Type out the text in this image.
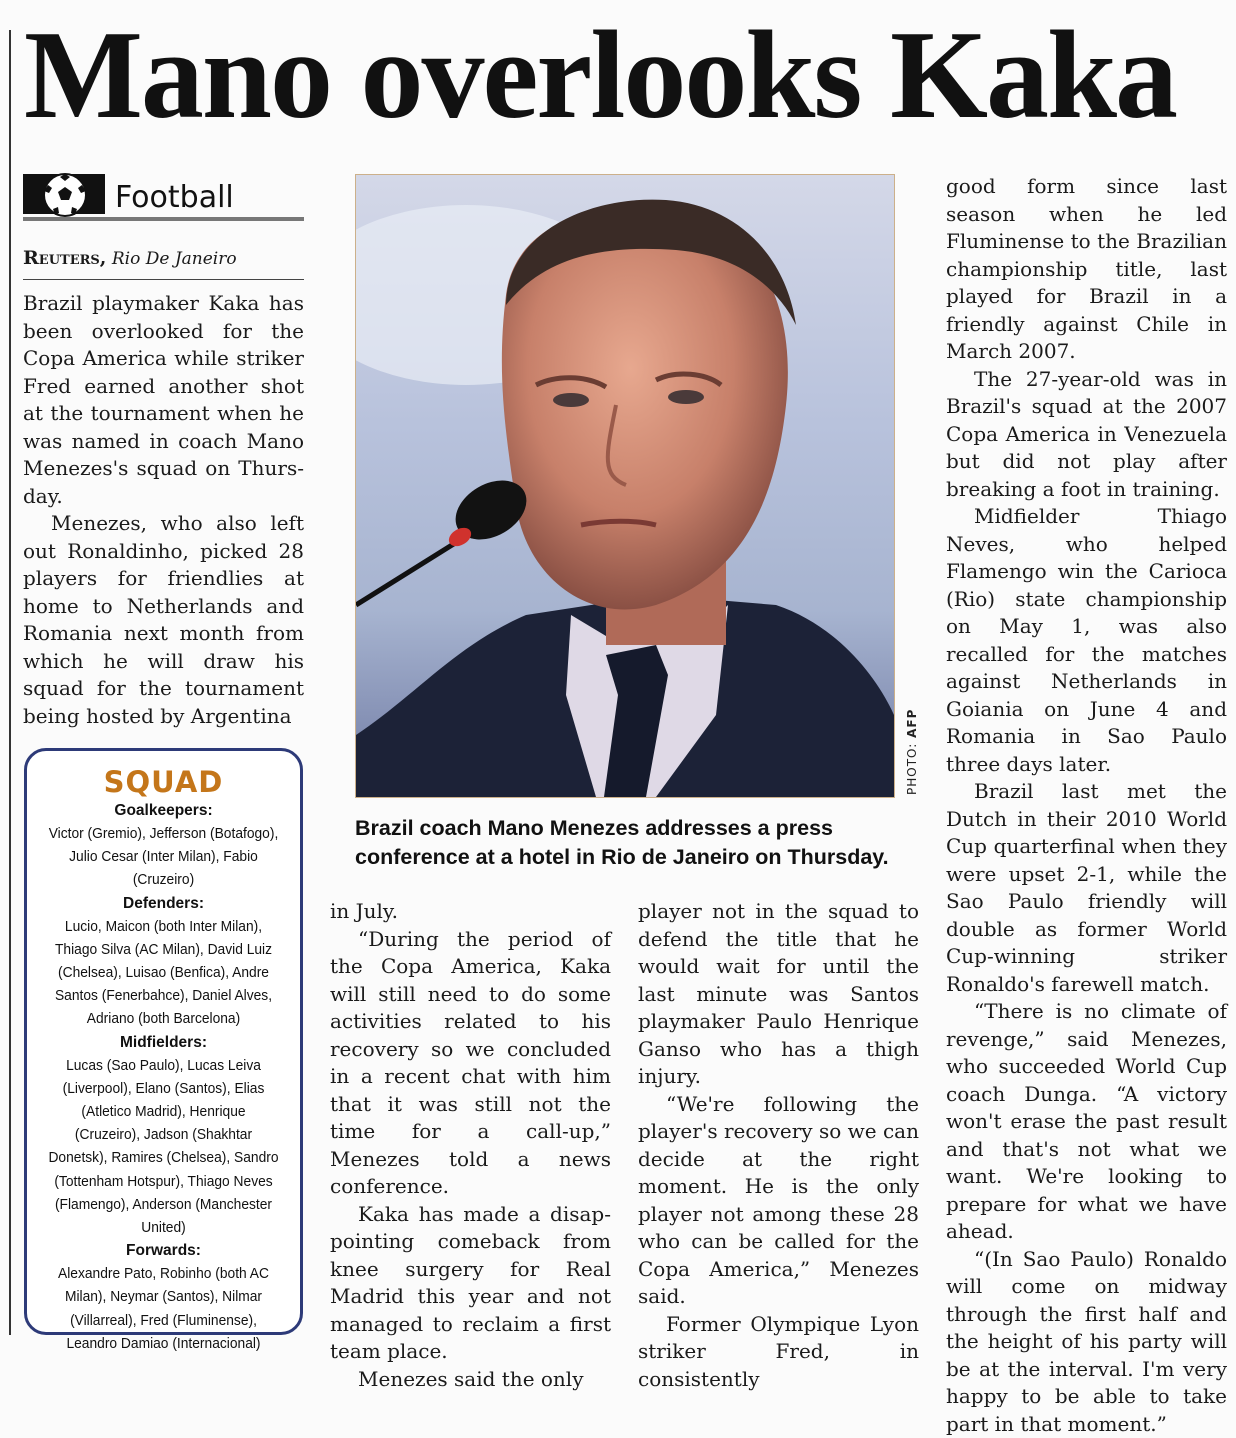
Mano overlooks Kaka
Football
Reuters, Rio De Janeiro

Brazil playmaker Kaka has been overlooked for the Copa America while striker Fred earned another shot at the tournament when he was named in coach Mano Menezes's squad on Thursday.

Menezes, who also left out Ronaldinho, picked 28 players for friendlies at home to Netherlands and Romania next month from which he will draw his squad for the tournament being hosted by Argentina

SQUAD
Goalkeepers:
Victor (Gremio), Jefferson (Botafogo), Julio Cesar (Inter Milan), Fabio (Cruzeiro)
Defenders:
Lucio, Maicon (both Inter Milan), Thiago Silva (AC Milan), David Luiz (Chelsea), Luisao (Benfica), Andre Santos (Fenerbahce), Daniel Alves, Adriano (both Barcelona)
Midfielders:
Lucas (Sao Paulo), Lucas Leiva (Liverpool), Elano (Santos), Elias (Atletico Madrid), Henrique (Cruzeiro), Jadson (Shakhtar Donetsk), Ramires (Chelsea), Sandro (Tottenham Hotspur), Thiago Neves (Flamengo), Anderson (Manchester United)
Forwards:
Alexandre Pato, Robinho (both AC Milan), Neymar (Santos), Nilmar (Villarreal), Fred (Fluminense), Leandro Damiao (Internacional)
PHOTO: AFP
Brazil coach Mano Menezes addresses a press conference at a hotel in Rio de Janeiro on Thursday.

in July.

“During the period of the Copa America, Kaka will still need to do some activities related to his recovery so we concluded in a recent chat with him that it was still not the time for a call-up,” Menezes told a news conference.

Kaka has made a disappointing comeback from knee surgery for Real Madrid this year and not managed to reclaim a first team place.

Menezes said the only

player not in the squad to defend the title that he would wait for until the last minute was Santos playmaker Paulo Henrique Ganso who has a thigh injury.

“We're following the player's recovery so we can decide at the right moment. He is the only player not among these 28 who can be called for the Copa America,” Menezes said.

Former Olympique Lyon striker Fred, in consistently

good form since last season when he led Fluminense to the Brazilian championship title, last played for Brazil in a friendly against Chile in March 2007.

The 27-year-old was in Brazil's squad at the 2007 Copa America in Venezuela but did not play after breaking a foot in training.

Midfielder Thiago Neves, who helped Flamengo win the Carioca (Rio) state championship on May 1, was also recalled for the matches against Netherlands in Goiania on June 4 and Romania in Sao Paulo three days later.

Brazil last met the Dutch in their 2010 World Cup quarterfinal when they were upset 2-1, while the Sao Paulo friendly will double as former World Cup-winning striker Ronaldo's farewell match.

“There is no climate of revenge,” said Menezes, who succeeded World Cup coach Dunga. “A victory won't erase the past result and that's not what we want. We're looking to prepare for what we have ahead.

“(In Sao Paulo) Ronaldo will come on midway through the first half and the height of his party will be at the interval. I'm very happy to be able to take part in that moment.”
